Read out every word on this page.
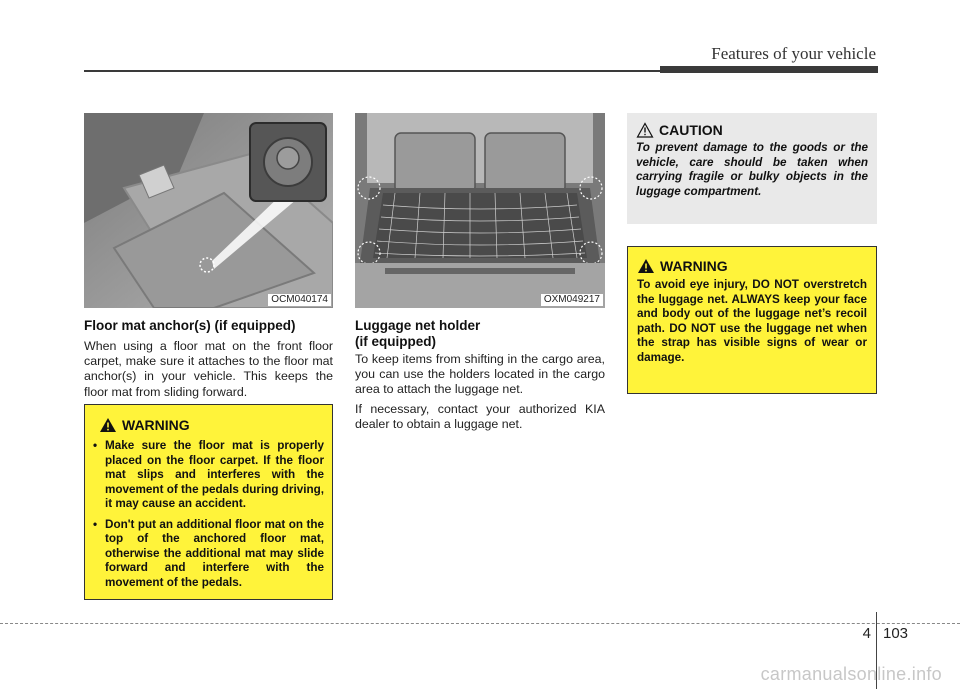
Features of your vehicle
OCM040174	OXM049217
Floor mat anchor(s) (if equipped)

When using a floor mat on the front floor carpet, make sure it attaches to the floor mat anchor(s) in your vehicle. This keeps the floor mat from sliding forward.

WARNING
• Make sure the floor mat is properly placed on the floor carpet. If the floor mat slips and interferes with the movement of the pedals during driving, it may cause an accident.
• Don't put an additional floor mat on the top of the anchored floor mat, otherwise the additional mat may slide forward and interfere with the movement of the pedals.
Luggage net holder
(if equipped)

To keep items from shifting in the cargo area, you can use the holders located in the cargo area to attach the luggage net.

If necessary, contact your authorized KIA dealer to obtain a luggage net.

CAUTION

To prevent damage to the goods or the vehicle, care should be taken when carrying fragile or bulky objects in the luggage compartment.

WARNING

To avoid eye injury, DO NOT overstretch the luggage net. ALWAYS keep your face and body out of the luggage net’s recoil path. DO NOT use the luggage net when the strap has visible signs of wear or damage.

4 103
carmanualsonline.info
